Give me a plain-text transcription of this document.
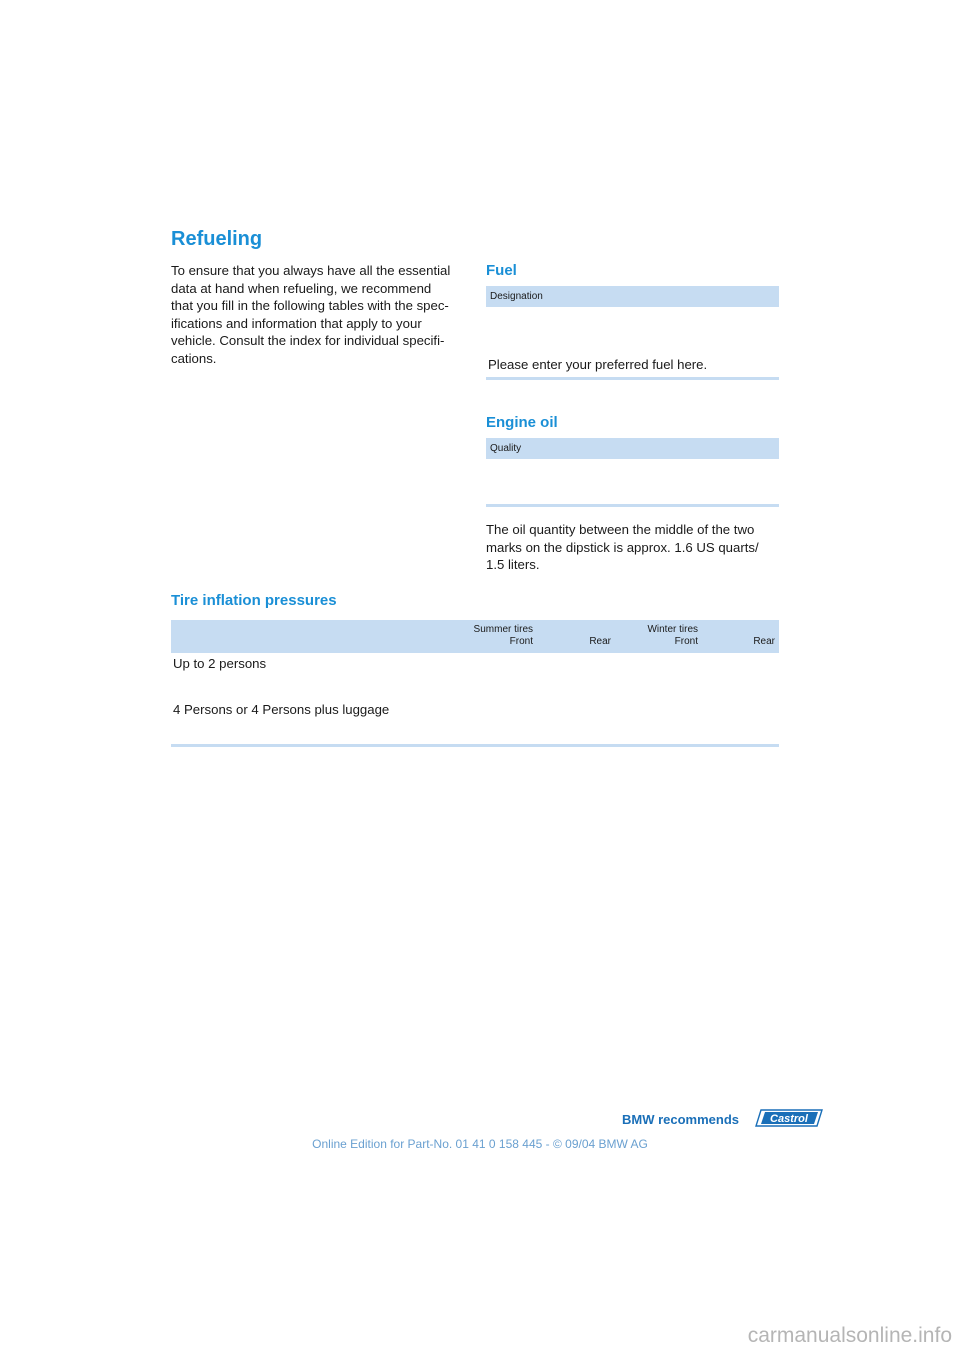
Refueling
To ensure that you always have all the essential
data at hand when refueling, we recommend
that you fill in the following tables with the spec-
ifications and information that apply to your
vehicle. Consult the index for individual specifi-
cations.
Fuel
Designation
Please enter your preferred fuel here.
Engine oil
Quality
The oil quantity between the middle of the two
marks on the dipstick is approx. 1.6 US quarts/
1.5 liters.
Tire inflation pressures
Summer tires	Winter tires
Front	Rear	Front	Rear
Up to 2 persons
4 Persons or 4 Persons plus luggage
BMW recommends	Castrol
Online Edition for Part-No. 01 41 0 158 445 - © 09/04 BMW AG
carmanualsonline.info
